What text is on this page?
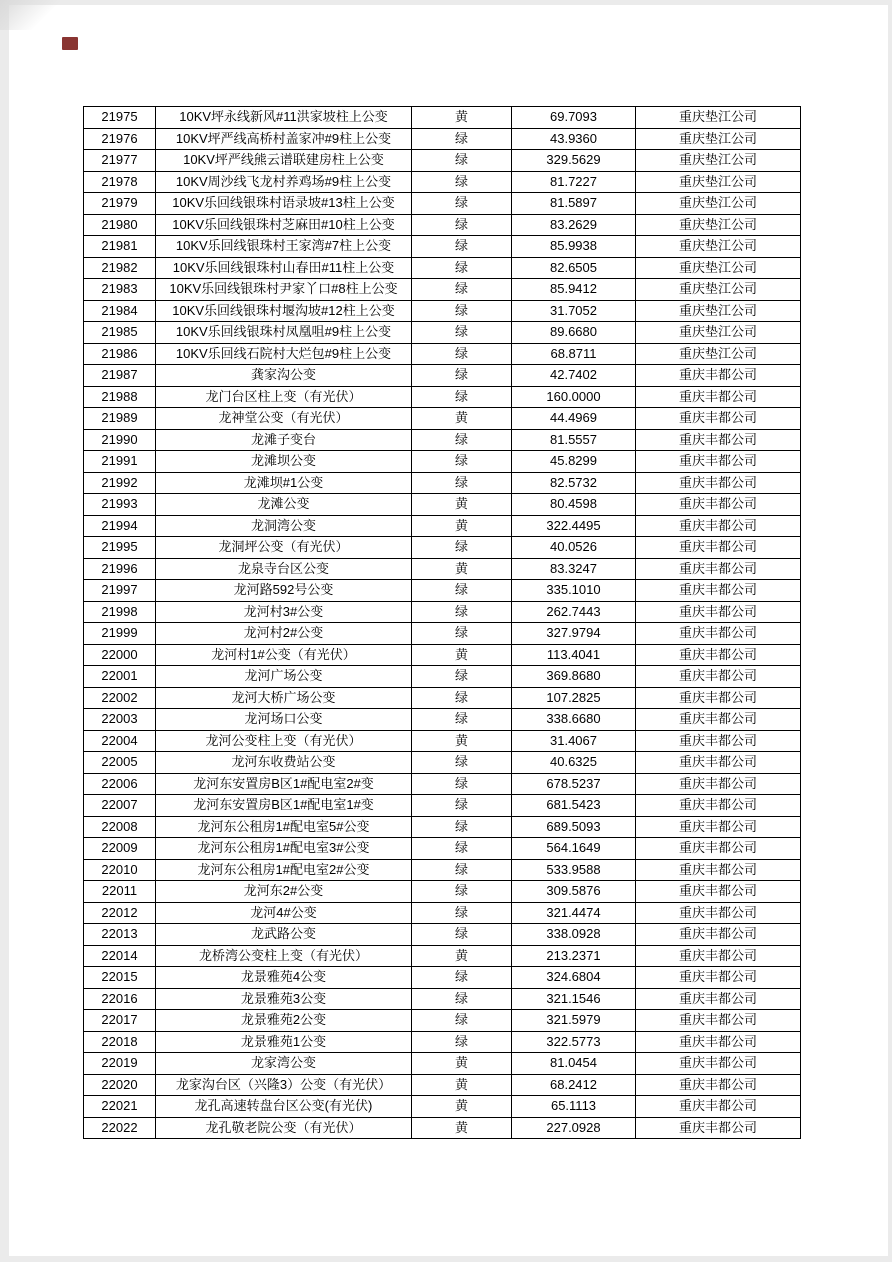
21975	10KV坪永线新风#11洪家坡柱上公变	黄	69.7093	重庆垫江公司
21976	10KV坪严线高桥村盖家冲#9柱上公变	绿	43.9360	重庆垫江公司
21977	10KV坪严线熊云谱联建房柱上公变	绿	329.5629	重庆垫江公司
21978	10KV周沙线飞龙村养鸡场#9柱上公变	绿	81.7227	重庆垫江公司
21979	10KV乐回线银珠村语录坡#13柱上公变	绿	81.5897	重庆垫江公司
21980	10KV乐回线银珠村芝麻田#10柱上公变	绿	83.2629	重庆垫江公司
21981	10KV乐回线银珠村王家湾#7柱上公变	绿	85.9938	重庆垫江公司
21982	10KV乐回线银珠村山春田#11柱上公变	绿	82.6505	重庆垫江公司
21983	10KV乐回线银珠村尹家丫口#8柱上公变	绿	85.9412	重庆垫江公司
21984	10KV乐回线银珠村堰沟坡#12柱上公变	绿	31.7052	重庆垫江公司
21985	10KV乐回线银珠村凤凰咀#9柱上公变	绿	89.6680	重庆垫江公司
21986	10KV乐回线石院村大烂包#9柱上公变	绿	68.8711	重庆垫江公司
21987	龚家沟公变	绿	42.7402	重庆丰都公司
21988	龙门台区柱上变（有光伏）	绿	160.0000	重庆丰都公司
21989	龙神堂公变（有光伏）	黄	44.4969	重庆丰都公司
21990	龙滩子变台	绿	81.5557	重庆丰都公司
21991	龙滩坝公变	绿	45.8299	重庆丰都公司
21992	龙滩坝#1公变	绿	82.5732	重庆丰都公司
21993	龙滩公变	黄	80.4598	重庆丰都公司
21994	龙洞湾公变	黄	322.4495	重庆丰都公司
21995	龙洞坪公变（有光伏）	绿	40.0526	重庆丰都公司
21996	龙泉寺台区公变	黄	83.3247	重庆丰都公司
21997	龙河路592号公变	绿	335.1010	重庆丰都公司
21998	龙河村3#公变	绿	262.7443	重庆丰都公司
21999	龙河村2#公变	绿	327.9794	重庆丰都公司
22000	龙河村1#公变（有光伏）	黄	113.4041	重庆丰都公司
22001	龙河广场公变	绿	369.8680	重庆丰都公司
22002	龙河大桥广场公变	绿	107.2825	重庆丰都公司
22003	龙河场口公变	绿	338.6680	重庆丰都公司
22004	龙河公变柱上变（有光伏）	黄	31.4067	重庆丰都公司
22005	龙河东收费站公变	绿	40.6325	重庆丰都公司
22006	龙河东安置房B区1#配电室2#变	绿	678.5237	重庆丰都公司
22007	龙河东安置房B区1#配电室1#变	绿	681.5423	重庆丰都公司
22008	龙河东公租房1#配电室5#公变	绿	689.5093	重庆丰都公司
22009	龙河东公租房1#配电室3#公变	绿	564.1649	重庆丰都公司
22010	龙河东公租房1#配电室2#公变	绿	533.9588	重庆丰都公司
22011	龙河东2#公变	绿	309.5876	重庆丰都公司
22012	龙河4#公变	绿	321.4474	重庆丰都公司
22013	龙武路公变	绿	338.0928	重庆丰都公司
22014	龙桥湾公变柱上变（有光伏）	黄	213.2371	重庆丰都公司
22015	龙景雅苑4公变	绿	324.6804	重庆丰都公司
22016	龙景雅苑3公变	绿	321.1546	重庆丰都公司
22017	龙景雅苑2公变	绿	321.5979	重庆丰都公司
22018	龙景雅苑1公变	绿	322.5773	重庆丰都公司
22019	龙家湾公变	黄	81.0454	重庆丰都公司
22020	龙家沟台区（兴隆3）公变（有光伏）	黄	68.2412	重庆丰都公司
22021	龙孔高速转盘台区公变(有光伏)	黄	65.1113	重庆丰都公司
22022	龙孔敬老院公变（有光伏）	黄	227.0928	重庆丰都公司
